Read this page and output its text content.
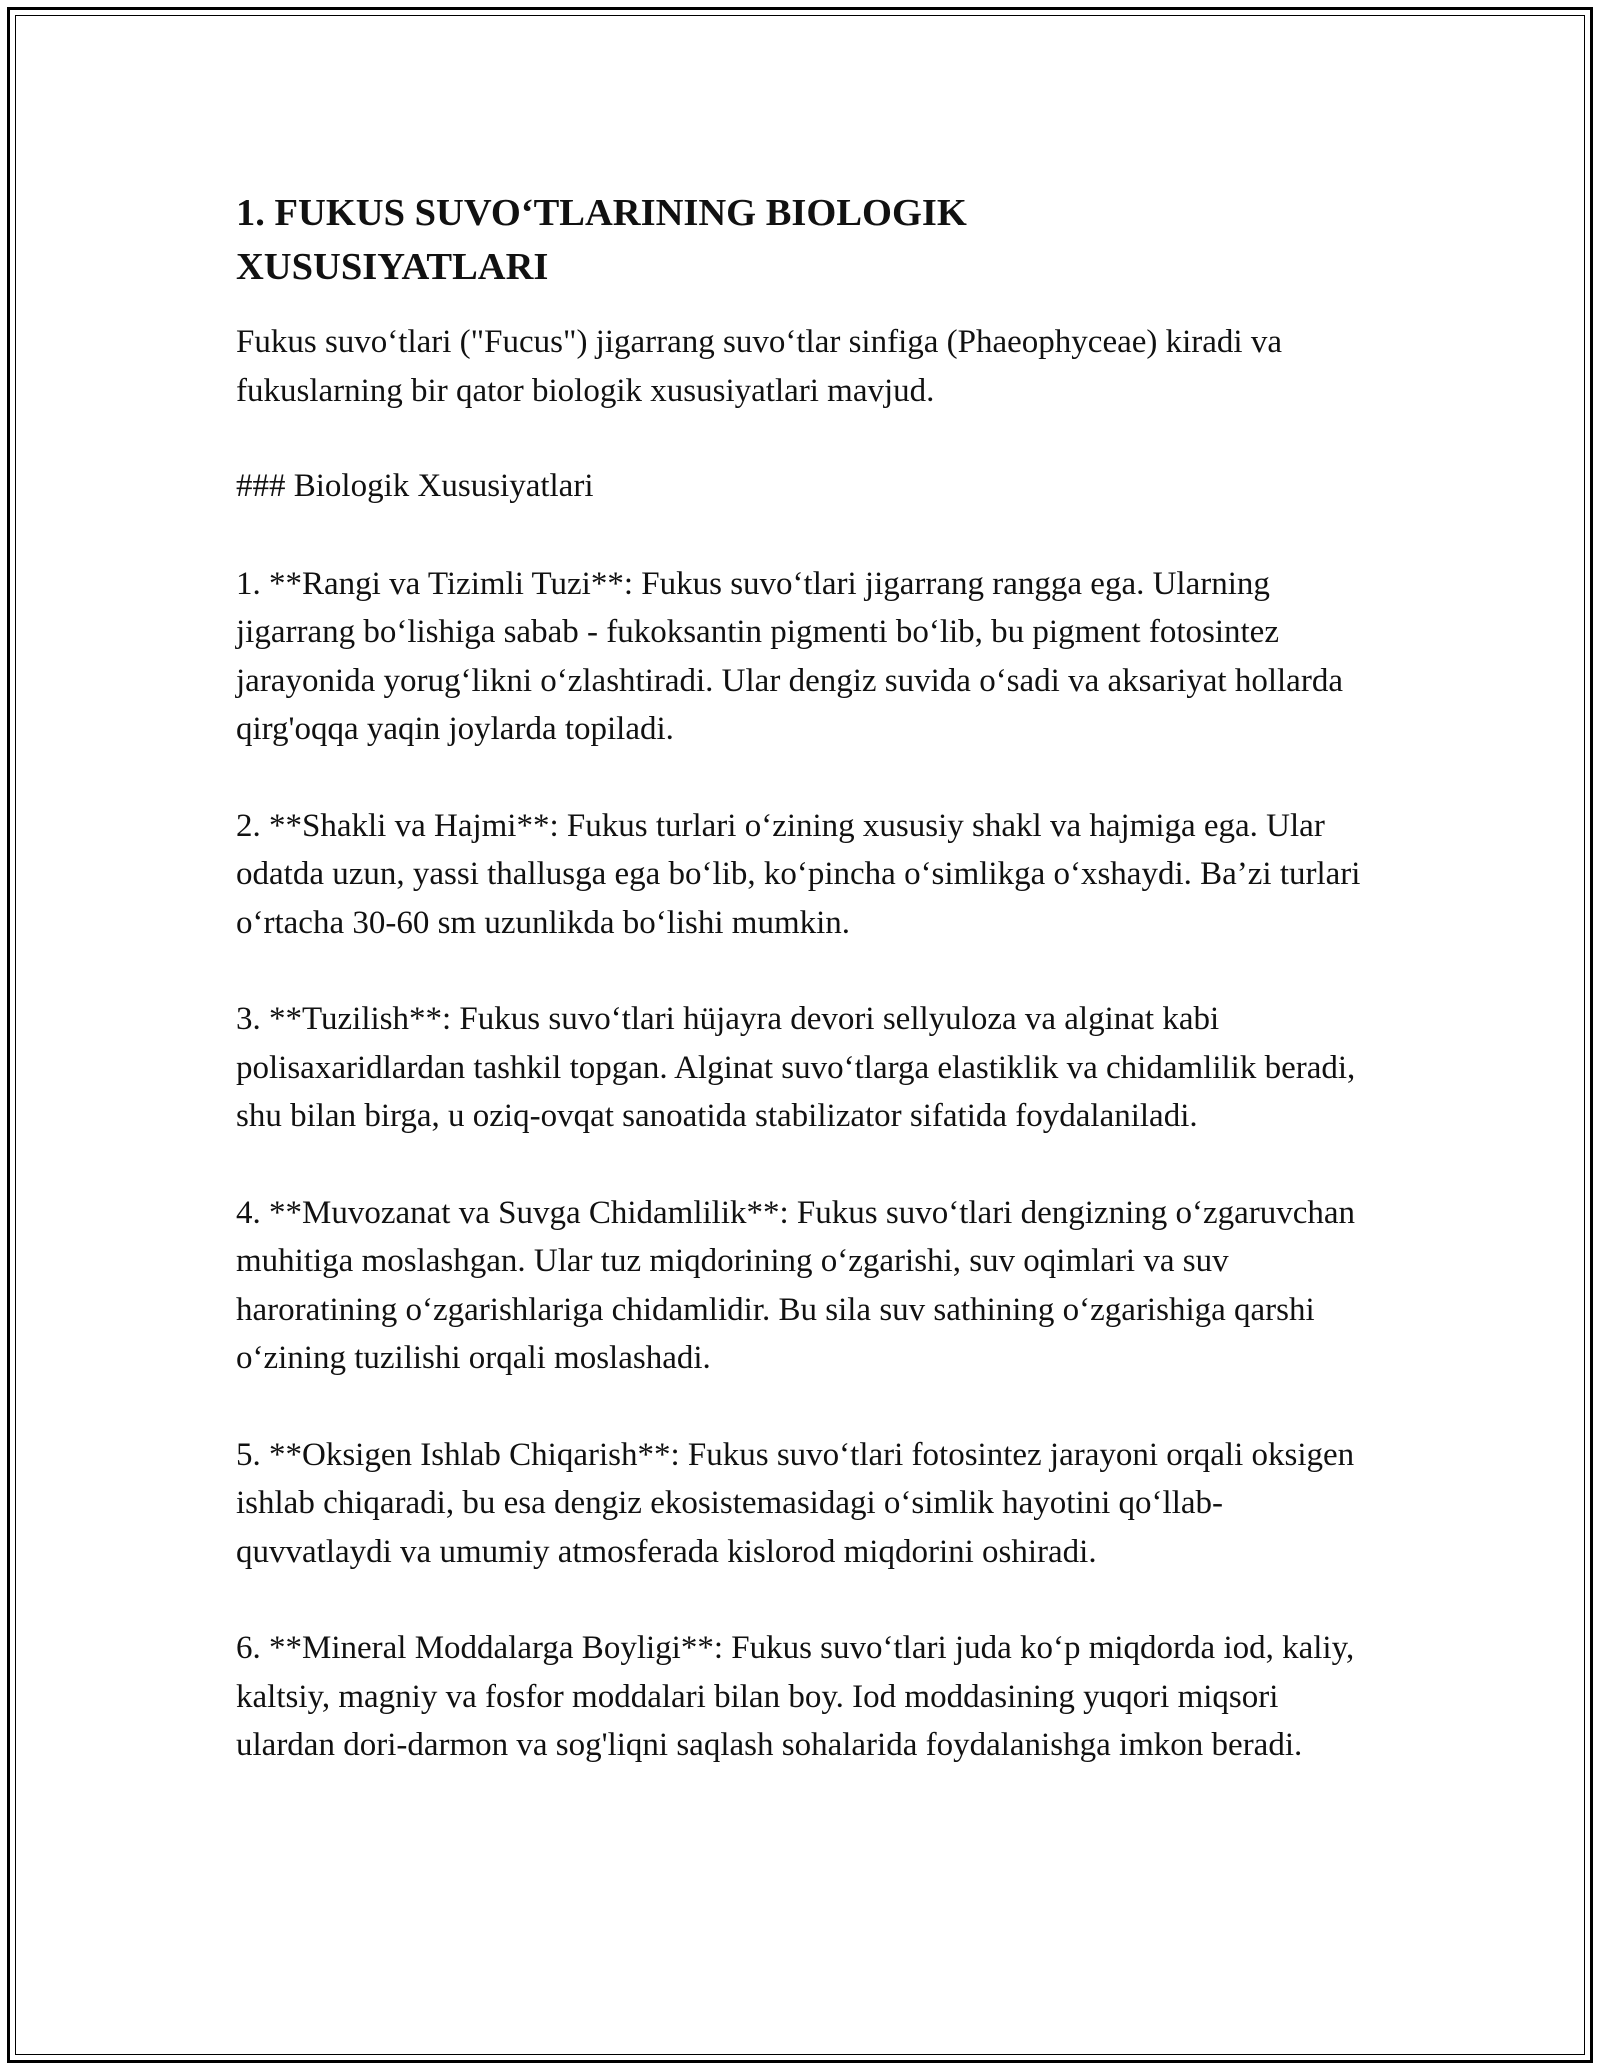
1. FUKUS SUVO‘TLARINING BIOLOGIK
XUSUSIYATLARI

Fukus suvo‘tlari ("Fucus") jigarrang suvo‘tlar sinfiga (Phaeophyceae) kiradi va fukuslarning bir qator biologik xususiyatlari mavjud.

### Biologik Xususiyatlari

1. **Rangi va Tizimli Tuzi**: Fukus suvo‘tlari jigarrang rangga ega. Ularning jigarrang bo‘lishiga sabab - fukoksantin pigmenti bo‘lib, bu pigment fotosintez jarayonida yorug‘likni o‘zlashtiradi. Ular dengiz suvida o‘sadi va aksariyat hollarda qirg'oqqa yaqin joylarda topiladi.

2. **Shakli va Hajmi**: Fukus turlari o‘zining xususiy shakl va hajmiga ega. Ular odatda uzun, yassi thallusga ega bo‘lib, ko‘pincha o‘simlikga o‘xshaydi. Ba’zi turlari o‘rtacha 30-60 sm uzunlikda bo‘lishi mumkin.

3. **Tuzilish**: Fukus suvo‘tlari hüjayra devori sellyuloza va alginat kabi polisaxaridlardan tashkil topgan. Alginat suvo‘tlarga elastiklik va chidamlilik beradi, shu bilan birga, u oziq-ovqat sanoatida stabilizator sifatida foydalaniladi.

4. **Muvozanat va Suvga Chidamlilik**: Fukus suvo‘tlari dengizning o‘zgaruvchan muhitiga moslashgan. Ular tuz miqdorining o‘zgarishi, suv oqimlari va suv haroratining o‘zgarishlariga chidamlidir. Bu sila suv sathining o‘zgarishiga qarshi o‘zining tuzilishi orqali moslashadi.

5. **Oksigen Ishlab Chiqarish**: Fukus suvo‘tlari fotosintez jarayoni orqali oksigen ishlab chiqaradi, bu esa dengiz ekosistemasidagi o‘simlik hayotini qo‘llab-quvvatlaydi va umumiy atmosferada kislorod miqdorini oshiradi.

6. **Mineral Moddalarga Boyligi**: Fukus suvo‘tlari juda ko‘p miqdorda iod, kaliy, kaltsiy, magniy va fosfor moddalari bilan boy. Iod moddasining yuqori miqsori ulardan dori-darmon va sog'liqni saqlash sohalarida foydalanishga imkon beradi.
